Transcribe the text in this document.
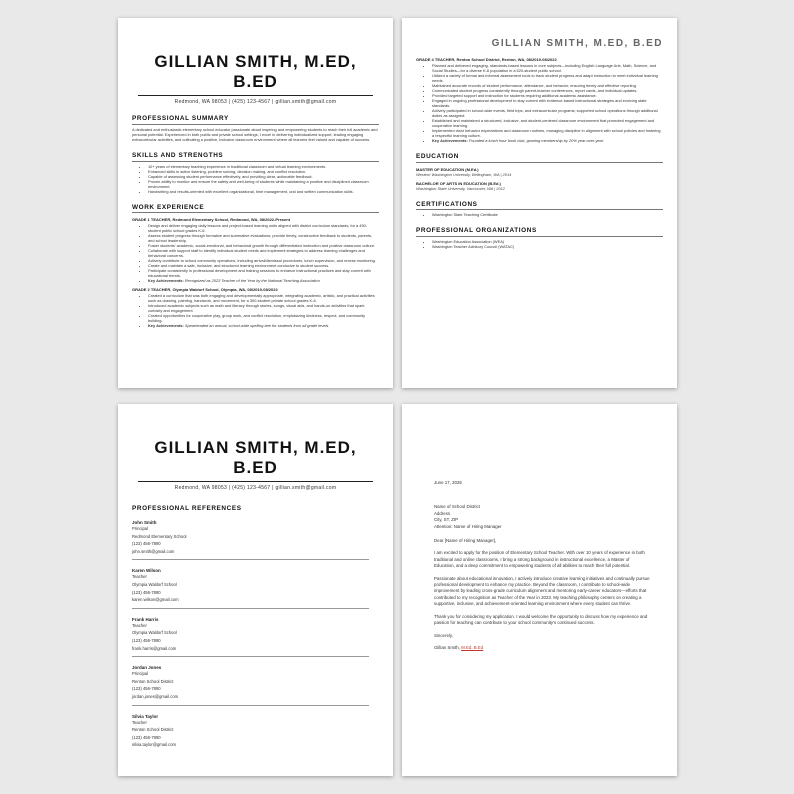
GILLIAN SMITH, M.ED, B.ED
Redmond, WA 98053 | (425) 123-4567 | gillian.smith@gmail.com
PROFESSIONAL SUMMARY
A dedicated and enthusiastic elementary school educator passionate about inspiring and empowering students to reach their full academic and personal potential. Experienced in both public and private school settings, I excel in delivering individualized support, leading engaging extracurricular activities, and cultivating a positive, inclusive classroom environment where all learners feel valued and capable of success.
SKILLS AND STRENGTHS
• 10+ years of elementary teaching experience in traditional classroom and virtual learning environments.
• Enhanced skills in active listening, problem solving, decision making, and conflict resolution.
• Capable of assessing student performance effectively, and providing clear, actionable feedback.
• Proven ability to monitor and ensure the safety and well-being of students while maintaining a positive and disciplined classroom environment.
• Handwriting and results-oriented with excellent organizational, time management, oral and written communication skills.
WORK EXPERIENCE
GRADE 1 TEACHER, Redmond Elementary School, Redmond, WA, 08/2022-Present
• Design and deliver engaging daily lessons and project-based learning units aligned with district curriculum standards, for a 450-student public school grades K-6.
• Assess student progress through formative and summative evaluations; provide timely, constructive feedback to students, parents, and school leadership.
• Foster students' academic, social-emotional, and behavioral growth through differentiated instruction and positive classroom culture.
• Collaborate with support staff to identify individual student needs and implement strategies to address learning challenges and behavioral concerns.
• Actively contribute to school community operations, including arrival/dismissal procedures, lunch supervision, and recess monitoring.
• Create and maintain a safe, inclusive, and structured learning environment conducive to student success.
• Participate consistently in professional development and training sessions to enhance instructional practices and stay current with educational trends.
• Key Achievements: Recognized as 2023 Teacher of the Year by the National Teaching Association
GRADE 2 TEACHER, Olympia Waldorf School, Olympia, WA, 08/2019-08/2022
• Created a curriculum that was both engaging and developmentally appropriate, integrating academic, artistic, and practical activities such as drawing, painting, handwork, and movement, for a 300-student private school grades K-6.
• Introduced academic subjects such as math and literacy through stories, songs, visual aids, and hands-on activities that spark curiosity and engagement.
• Created opportunities for cooperative play, group work, and conflict resolution, emphasizing kindness, respect, and community building.
• Key Achievements: Spearheaded an annual, school-wide spelling bee for students from all grade levels.
GILLIAN SMITH, M.ED, B.ED
GRADE 4 TEACHER, Renton School District, Renton, WA, 08/2019-08/2022
• Planned and delivered engaging, standards-based lessons in core subjects—including English Language Arts, Math, Science, and Social Studies—for a diverse K-6 population in a 520-student public school.
• Utilized a variety of formal and informal assessment tools to track student progress and adapt instruction to meet individual learning needs.
• Maintained accurate records of student performance, attendance, and behavior, ensuring timely and effective reporting.
• Communicated student progress consistently through parent-teacher conferences, report cards, and individual updates.
• Provided targeted support and instruction for students requiring additional academic assistance.
• Engaged in ongoing professional development to stay current with evidence-based instructional strategies and evolving state standards.
• Actively participated in school-wide events, field trips, and extracurricular programs; supported school operations through additional duties as assigned.
• Established and maintained a structured, inclusive, and student-centered classroom environment that promoted engagement and cooperative learning.
• Implemented clear behavior expectations and classroom routines, managing discipline in alignment with school policies and fostering a respectful learning culture.
• Key Achievements: Founded a lunch hour book club, growing membership by 20% year-over-year.
EDUCATION
MASTER OF EDUCATION (M.Ed.)
Western Washington University, Bellingham, WA | 2014
BACHELOR OF ARTS IN EDUCATION (B.Ed.)
Washington State University, Vancouver, WA | 2012
CERTIFICATIONS
• Washington State Teaching Certificate
PROFESSIONAL ORGANIZATIONS
• Washington Education Association (WEA)
• Washington Teacher Advisory Council (WATAC)
GILLIAN SMITH, M.ED, B.ED
Redmond, WA 98053 | (425) 123-4567 | gillian.smith@gmail.com
PROFESSIONAL REFERENCES
John Smith
Principal
Redmond Elementary School
(123) 456-7890
john.smith@gmail.com
Karen Wilson
Teacher
Olympia Waldorf School
(123) 456-7890
karen.wilson@gmail.com
Frank Harris
Teacher
Olympia Waldorf School
(123) 456-7890
frank.harris@gmail.com
Jordan Jones
Principal
Renton School District
(123) 456-7890
jordan.jones@gmail.com
Silvia Taylor
Teacher
Renton School District
(123) 456-7890
silvia.taylor@gmail.com
June 17, 2025
Name of School District
Address
City, ST, ZIP
Attention: Name of Hiring Manager

Dear [Name of Hiring Manager],

I am excited to apply for the position of Elementary School Teacher. With over 10 years of experience in both traditional and online classrooms, I bring a strong background in instructional excellence, a Master of Education, and a deep commitment to empowering students of all abilities to reach their full potential.

Passionate about educational innovation, I actively introduce creative learning initiatives and continually pursue professional development to enhance my practice. Beyond the classroom, I contribute to school-wide improvement by leading cross-grade curriculum alignment and mentoring early-career educators—efforts that contributed to my recognition as Teacher of the Year in 2023. My teaching philosophy centers on creating a supportive, inclusive, and achievement-oriented learning environment where every student can thrive.

Thank you for considering my application. I would welcome the opportunity to discuss how my experience and passion for teaching can contribute to your school community's continued success.

Sincerely,

Gillian Smith, M.Ed, B.Ed
